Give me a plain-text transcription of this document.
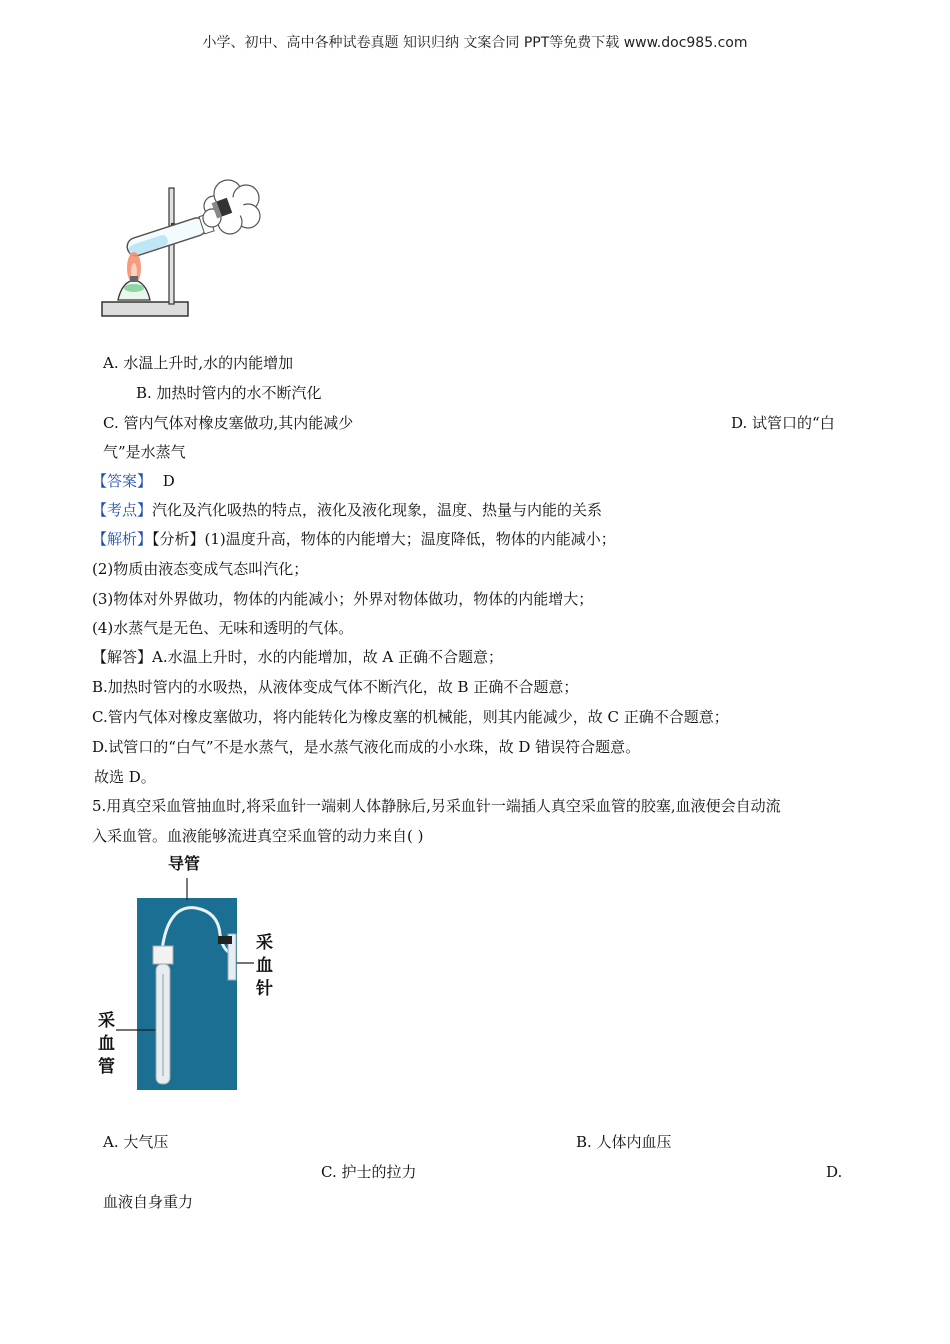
小学、初中、高中各种试卷真题 知识归纳 文案合同 PPT等免费下载 www.doc985.com
A. 水温上升时,水的内能增加
B. 加热时管内的水不断汽化
C. 管内气体对橡皮塞做功,其内能减少	D. 试管口的“白
气”是水蒸气
【答案】 D
【考点】汽化及汽化吸热的特点，液化及液化现象，温度、热量与内能的关系
【解析】【分析】(1)温度升高，物体的内能增大；温度降低，物体的内能减小；
(2)物质由液态变成气态叫汽化；
(3)物体对外界做功，物体的内能减小；外界对物体做功，物体的内能增大；
(4)水蒸气是无色、无味和透明的气体。
【解答】A.水温上升时，水的内能增加，故 A 正确不合题意；
B.加热时管内的水吸热，从液体变成气体不断汽化，故 B 正确不合题意；
C.管内气体对橡皮塞做功，将内能转化为橡皮塞的机械能，则其内能减少，故 C 正确不合题意；
D.试管口的“白气”不是水蒸气，是水蒸气液化而成的小水珠，故 D 错误符合题意。
故选 D。
5.用真空采血管抽血时,将采血针一端刺人体静脉后,另采血针一端插人真空采血管的胶塞,血液便会自动流
入采血管。血液能够流进真空采血管的动力来自( )
导管
采血针
采血管
A. 大气压	B. 人体内血压
C. 护士的拉力	D.
血液自身重力
